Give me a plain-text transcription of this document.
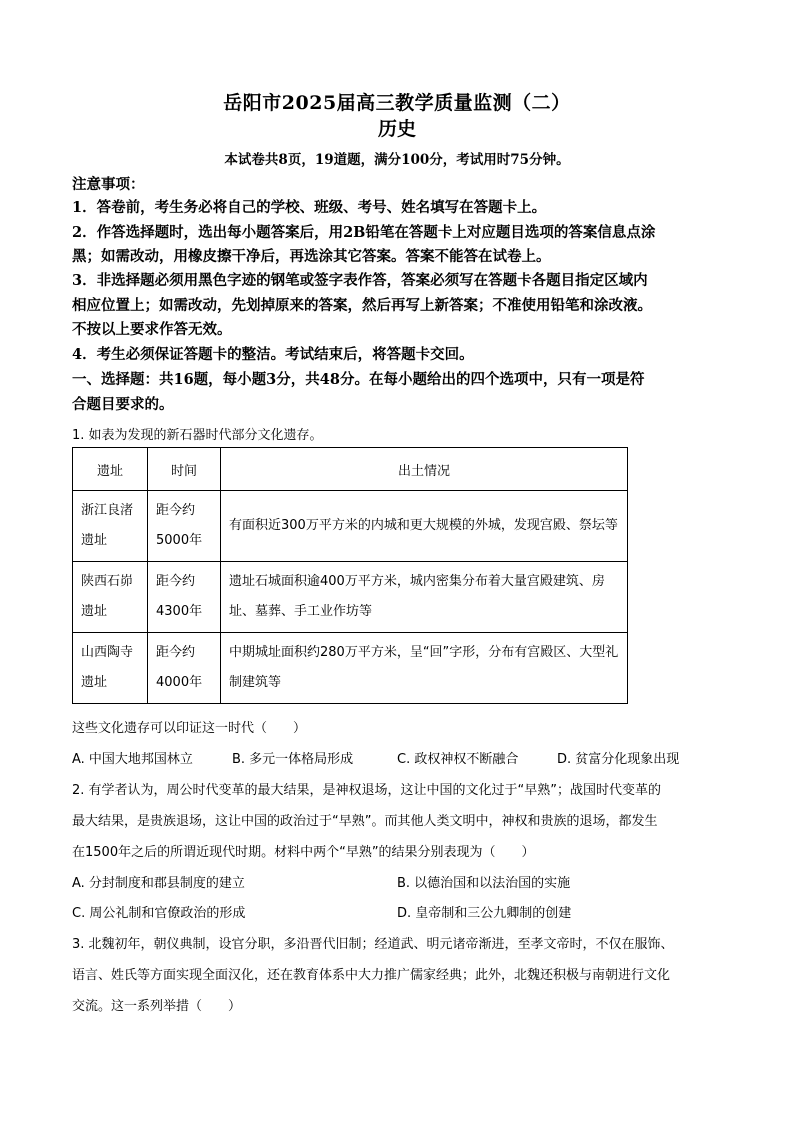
岳阳市2025届高三教学质量监测（二）
历史
本试卷共8页，19道题，满分100分，考试用时75分钟。
注意事项：
1．答卷前，考生务必将自己的学校、班级、考号、姓名填写在答题卡上。
2．作答选择题时，选出每小题答案后，用2B铅笔在答题卡上对应题目选项的答案信息点涂
黑；如需改动，用橡皮擦干净后，再选涂其它答案。答案不能答在试卷上。
3．非选择题必须用黑色字迹的钢笔或签字表作答，答案必须写在答题卡各题目指定区域内
相应位置上；如需改动，先划掉原来的答案，然后再写上新答案；不准使用铅笔和涂改液。
不按以上要求作答无效。
4．考生必须保证答题卡的整洁。考试结束后，将答题卡交回。
一、选择题：共16题，每小题3分，共48分。在每小题给出的四个选项中，只有一项是符
合题目要求的。
1. 如表为发现的新石器时代部分文化遗存。
遗址	时间	出土情况
浙江良渚遗址	距今约5000年	有面积近300万平方米的内城和更大规模的外城，发现宫殿、祭坛等
陕西石峁遗址	距今约4300年	遗址石城面积逾400万平方米，城内密集分布着大量宫殿建筑、房址、墓葬、手工业作坊等
山西陶寺遗址	距今约4000年	中期城址面积约280万平方米，呈“回”字形，分布有宫殿区、大型礼制建筑等
这些文化遗存可以印证这一时代（　　）
A. 中国大地邦国林立	B. 多元一体格局形成	C. 政权神权不断融合	D. 贫富分化现象出现
2. 有学者认为，周公时代变革的最大结果，是神权退场，这让中国的文化过于“早熟”；战国时代变革的
最大结果，是贵族退场，这让中国的政治过于“早熟”。而其他人类文明中，神权和贵族的退场，都发生
在1500年之后的所谓近现代时期。材料中两个“早熟”的结果分别表现为（　　）
A. 分封制度和郡县制度的建立	B. 以德治国和以法治国的实施
C. 周公礼制和官僚政治的形成	D. 皇帝制和三公九卿制的创建
3. 北魏初年，朝仪典制，设官分职，多沿晋代旧制；经道武、明元诸帝渐进，至孝文帝时，不仅在服饰、
语言、姓氏等方面实现全面汉化，还在教育体系中大力推广儒家经典；此外，北魏还积极与南朝进行文化
交流。这一系列举措（　　）
